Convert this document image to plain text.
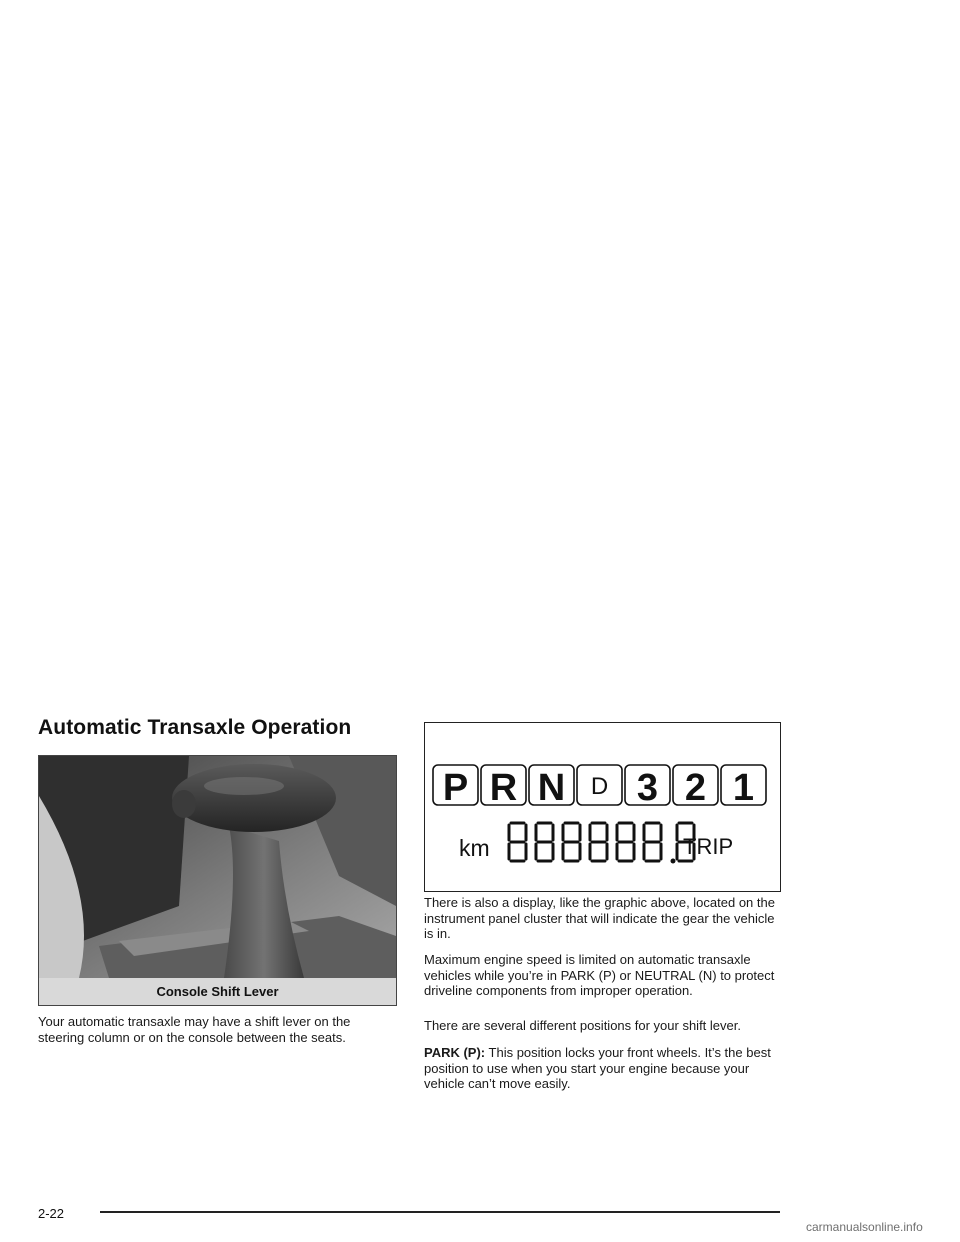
Automatic Transaxle Operation
Console Shift Lever

Your automatic transaxle may have a shift lever on the steering column or on the console between the seats.

P R N D 3 2 1
km	TRIP

There is also a display, like the graphic above, located on the instrument panel cluster that will indicate the gear the vehicle is in.

Maximum engine speed is limited on automatic transaxle vehicles while you’re in PARK (P) or NEUTRAL (N) to protect driveline components from improper operation.

There are several different positions for your shift lever.

PARK (P): This position locks your front wheels. It’s the best position to use when you start your engine because your vehicle can’t move easily.

2-22
carmanualsonline.info
